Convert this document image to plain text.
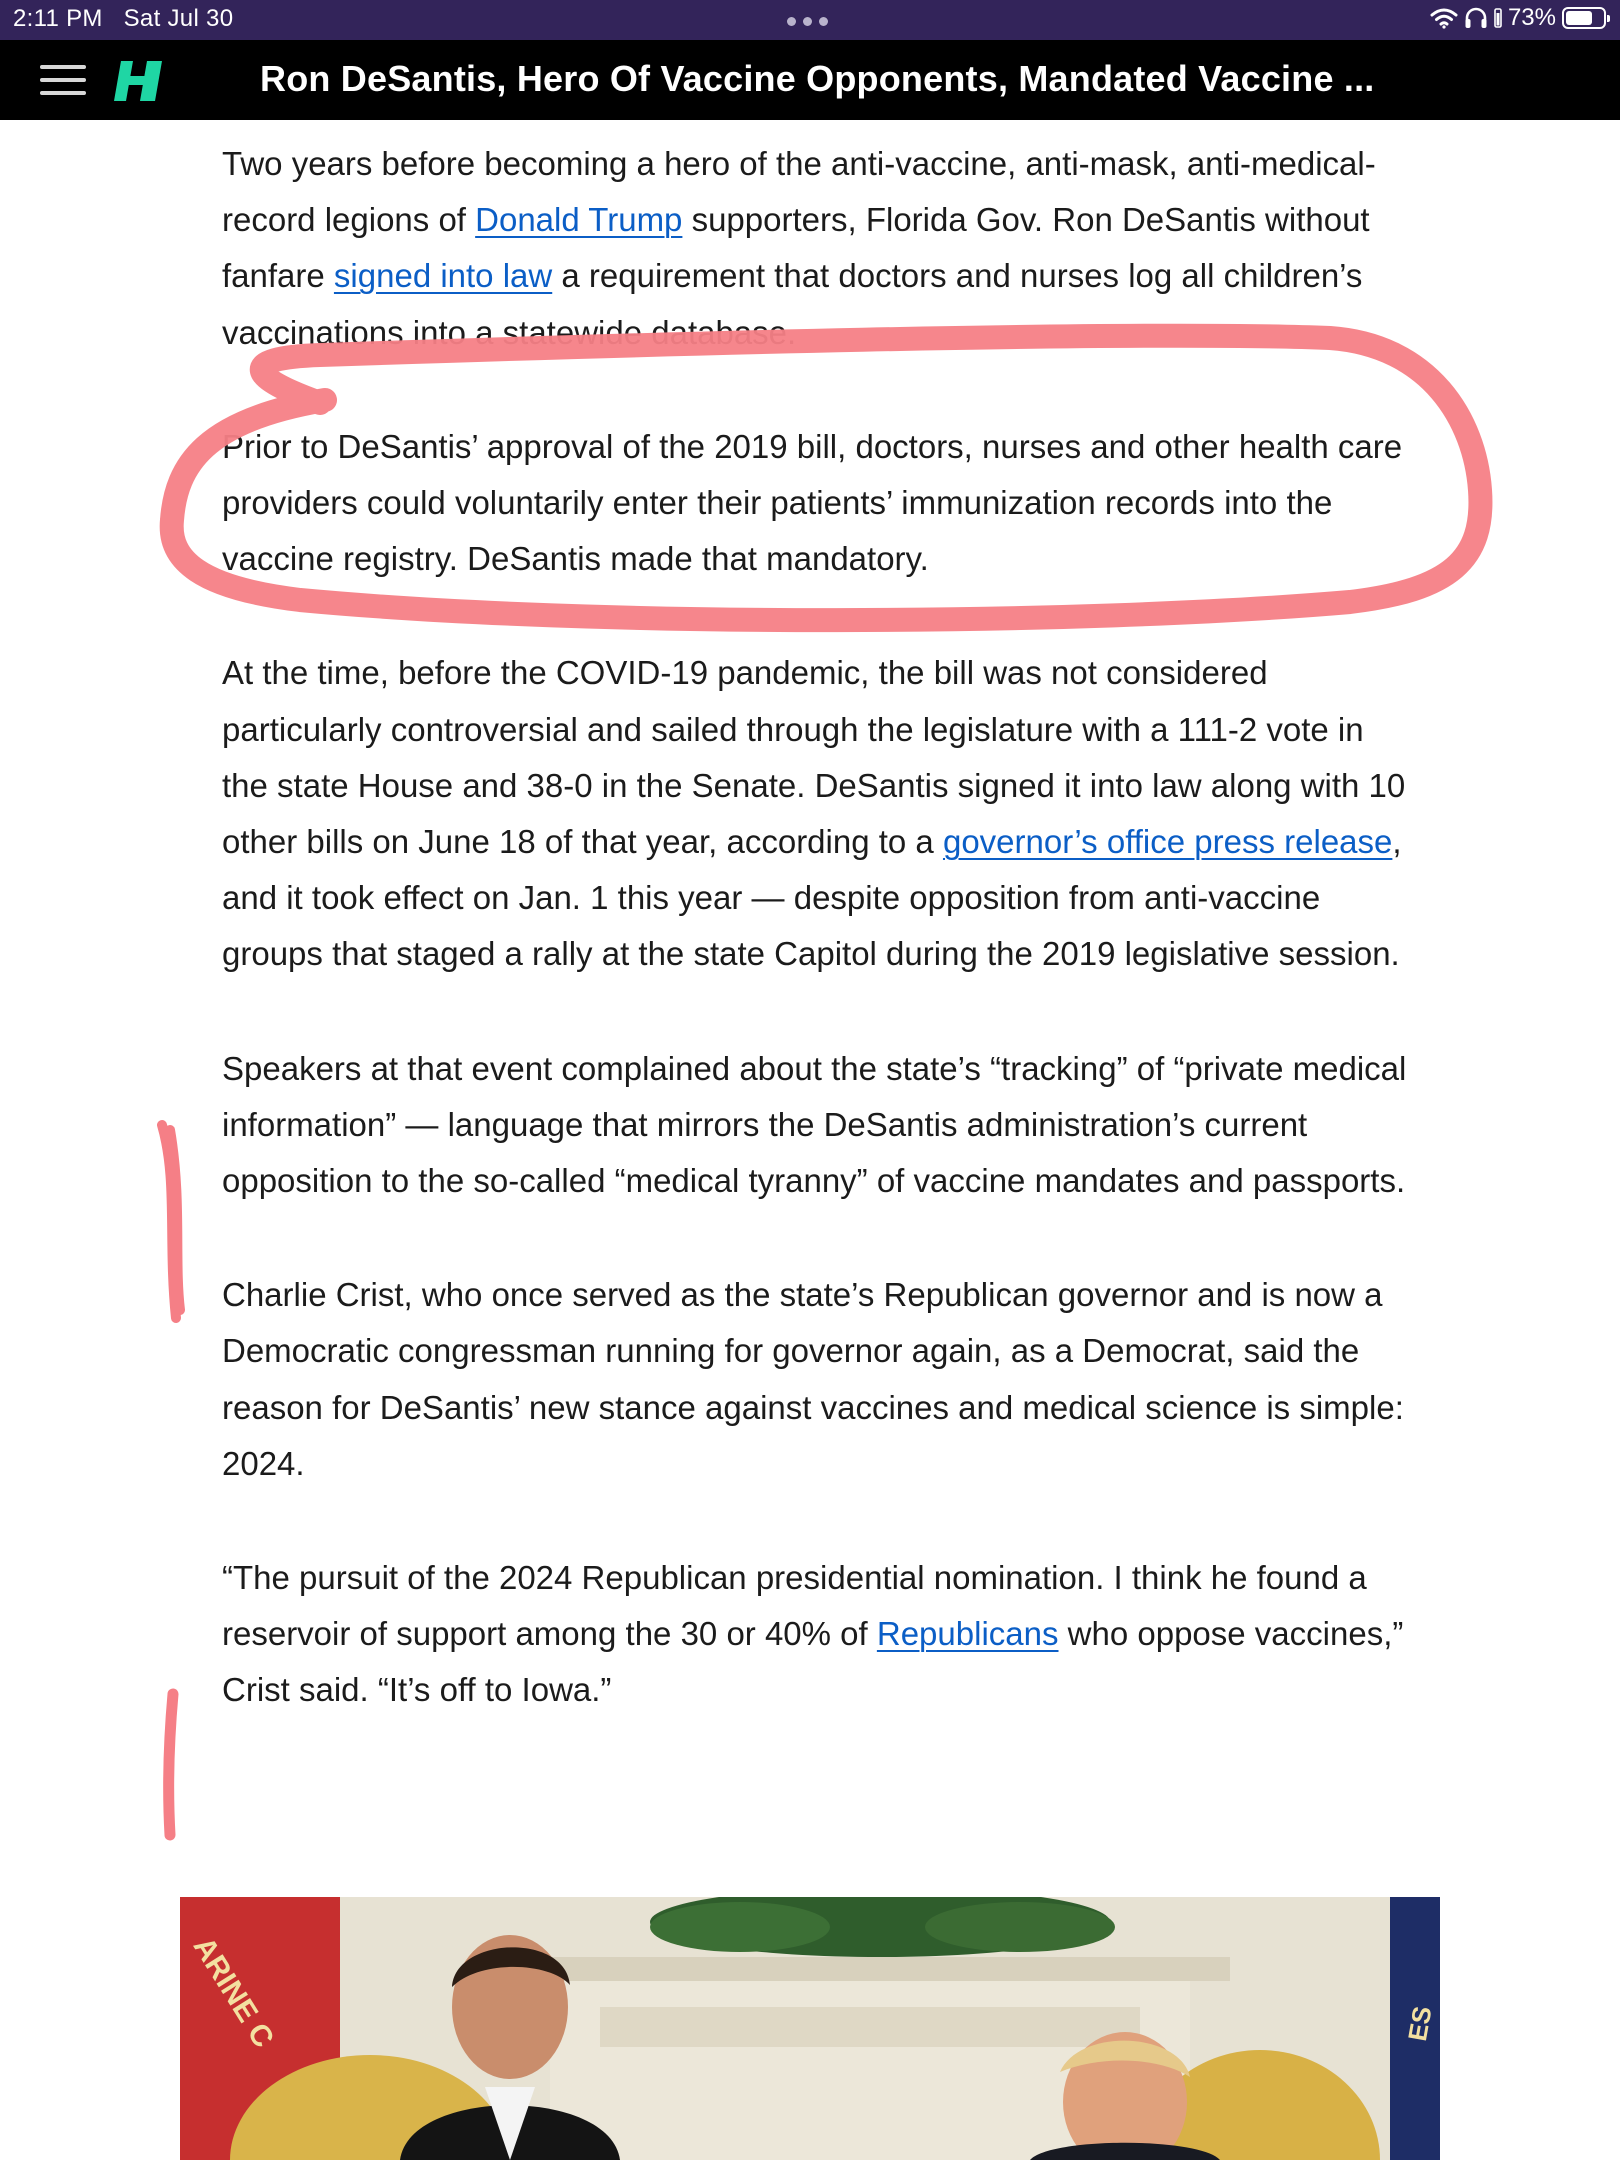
2:11 PM Sat Jul 30	73%
Ron DeSantis, Hero Of Vaccine Opponents, Mandated Vaccine ...

Two years before becoming a hero of the anti-vaccine, anti-mask, anti-medical-record legions of Donald Trump supporters, Florida Gov. Ron DeSantis without fanfare signed into law a requirement that doctors and nurses log all children’s vaccinations into a statewide database.

Prior to DeSantis’ approval of the 2019 bill, doctors, nurses and other health care providers could voluntarily enter their patients’ immunization records into the vaccine registry. DeSantis made that mandatory.

At the time, before the COVID-19 pandemic, the bill was not considered particularly controversial and sailed through the legislature with a 111-2 vote in the state House and 38-0 in the Senate. DeSantis signed it into law along with 10 other bills on June 18 of that year, according to a governor’s office press release, and it took effect on Jan. 1 this year — despite opposition from anti-vaccine groups that staged a rally at the state Capitol during the 2019 legislative session.

Speakers at that event complained about the state’s “tracking” of “private medical information” — language that mirrors the DeSantis administration’s current opposition to the so-called “medical tyranny” of vaccine mandates and passports.

Charlie Crist, who once served as the state’s Republican governor and is now a Democratic congressman running for governor again, as a Democrat, said the reason for DeSantis’ new stance against vaccines and medical science is simple: 2024.

“The pursuit of the 2024 Republican presidential nomination. I think he found a reservoir of support among the 30 or 40% of Republicans who oppose vaccines,” Crist said. “It’s off to Iowa.”

ARINE C	ES
